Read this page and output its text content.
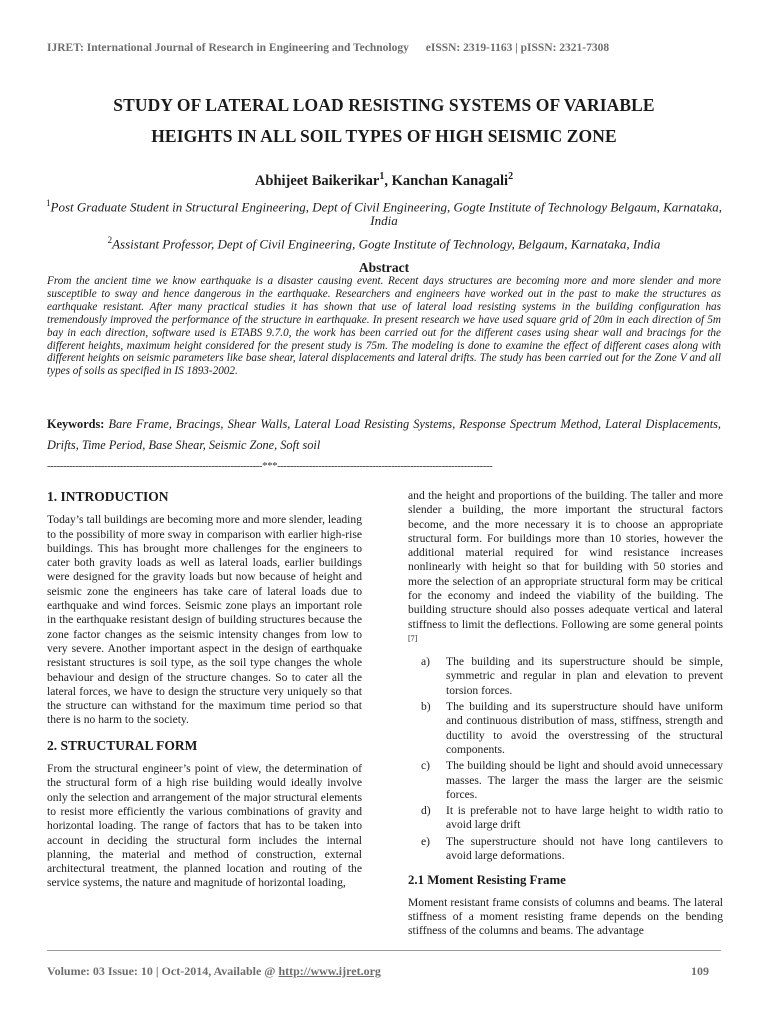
IJRET: International Journal of Research in Engineering and Technology eISSN: 2319-1163 | pISSN: 2321-7308
STUDY OF LATERAL LOAD RESISTING SYSTEMS OF VARIABLE
HEIGHTS IN ALL SOIL TYPES OF HIGH SEISMIC ZONE
Abhijeet Baikerikar$^1$, Kanchan Kanagali$^2$
$^1$Post Graduate Student in Structural Engineering, Dept of Civil Engineering, Gogte Institute of Technology Belgaum, Karnataka, India
$^2$Assistant Professor, Dept of Civil Engineering, Gogte Institute of Technology, Belgaum, Karnataka, India
Abstract
From the ancient time we know earthquake is a disaster causing event. Recent days structures are becoming more and more slender and more susceptible to sway and hence dangerous in the earthquake. Researchers and engineers have worked out in the past to make the structures as earthquake resistant. After many practical studies it has shown that use of lateral load resisting systems in the building configuration has tremendously improved the performance of the structure in earthquake. In present research we have used square grid of 20m in each direction of 5m bay in each direction, software used is ETABS 9.7.0, the work has been carried out for the different cases using shear wall and bracings for the different heights, maximum height considered for the present study is 75m. The modeling is done to examine the effect of different cases along with different heights on seismic parameters like base shear, lateral displacements and lateral drifts. The study has been carried out for the Zone V and all types of soils as specified in IS 1893-2002.
Keywords: Bare Frame, Bracings, Shear Walls, Lateral Load Resisting Systems, Response Spectrum Method, Lateral Displacements, Drifts, Time Period, Base Shear, Seismic Zone, Soft soil
--------------------------------------------------------------------***--------------------------------------------------------------------
1. INTRODUCTION

Today’s tall buildings are becoming more and more slender, leading to the possibility of more sway in comparison with earlier high-rise buildings. This has brought more challenges for the engineers to cater both gravity loads as well as lateral loads, earlier buildings were designed for the gravity loads but now because of height and seismic zone the engineers has take care of lateral loads due to earthquake and wind forces. Seismic zone plays an important role in the earthquake resistant design of building structures because the zone factor changes as the seismic intensity changes from low to very severe. Another important aspect in the design of earthquake resistant structures is soil type, as the soil type changes the whole behaviour and design of the structure changes. So to cater all the lateral forces, we have to design the structure very uniquely so that the structure can withstand for the maximum time period so that there is no harm to the society.

2. STRUCTURAL FORM

From the structural engineer’s point of view, the determination of the structural form of a high rise building would ideally involve only the selection and arrangement of the major structural elements to resist more efficiently the various combinations of gravity and horizontal loading. The range of factors that has to be taken into account in deciding the structural form includes the internal planning, the material and method of construction, external architectural treatment, the planned location and routing of the service systems, the nature and magnitude of horizontal loading,

and the height and proportions of the building. The taller and more slender a building, the more important the structural factors become, and the more necessary it is to choose an appropriate structural form. For buildings more than 10 stories, however the additional material required for wind resistance increases nonlinearly with height so that for building with 50 stories and more the selection of an appropriate structural form may be critical for the economy and indeed the viability of the building. The building structure should also posses adequate vertical and lateral stiffness to limit the deflections. Following are some general points [7]

a)	The building and its superstructure should be simple, symmetric and regular in plan and elevation to prevent torsion forces.
b)	The building and its superstructure should have uniform and continuous distribution of mass, stiffness, strength and ductility to avoid the overstressing of the structural components.
c)	The building should be light and should avoid unnecessary masses. The larger the mass the larger are the seismic forces.
d)	It is preferable not to have large height to width ratio to avoid large drift
e)	The superstructure should not have long cantilevers to avoid large deformations.
2.1 Moment Resisting Frame

Moment resistant frame consists of columns and beams. The lateral stiffness of a moment resisting frame depends on the bending stiffness of the columns and beams. The advantage

Volume: 03 Issue: 10 | Oct-2014, Available @ http://www.ijret.org	109
